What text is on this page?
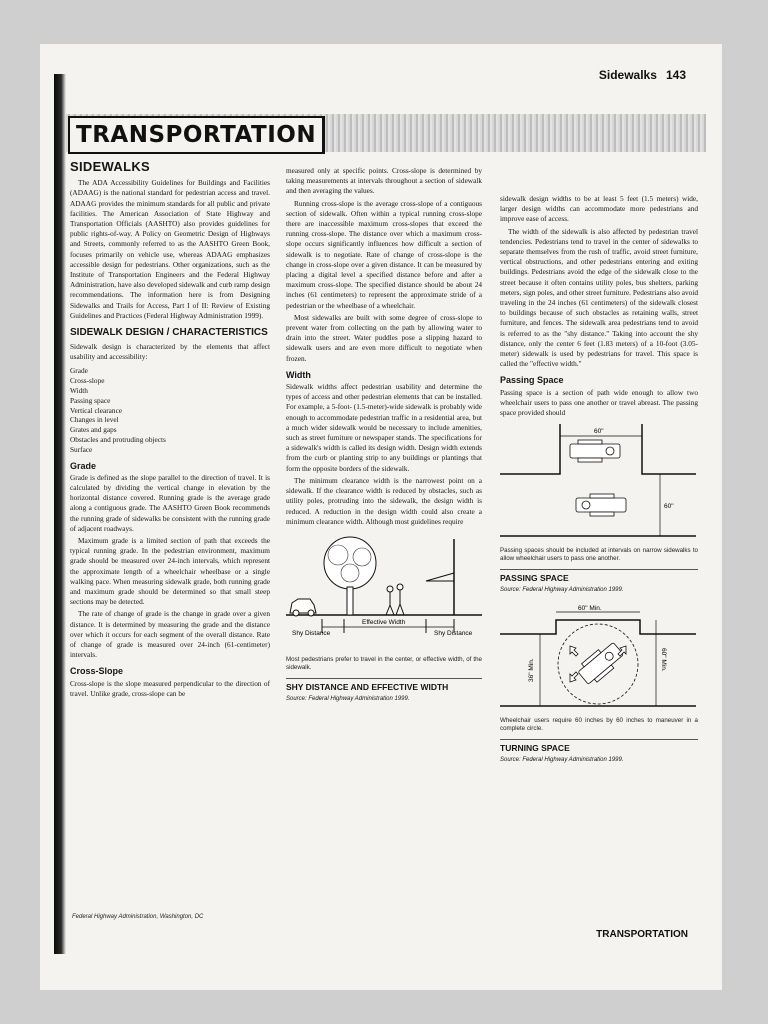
Sidewalks 143
TRANSPORTATION
SIDEWALKS

The ADA Accessibility Guidelines for Buildings and Facilities (ADAAG) is the national standard for pedestrian access and travel. ADAAG provides the minimum standards for all public and private facilities. The American Association of State Highway and Transportation Officials (AASHTO) also provides guidelines for public rights-of-way. A Policy on Geometric Design of Highways and Streets, commonly referred to as the AASHTO Green Book, focuses primarily on vehicle use, whereas ADAAG emphasizes accessible design for pedestrians. Other organizations, such as the Institute of Transportation Engineers and the Federal Highway Administration, have also developed sidewalk and curb ramp design recommendations. The information here is from Designing Sidewalks and Trails for Access, Part I of II: Review of Existing Guidelines and Practices (Federal Highway Administration 1999).

SIDEWALK DESIGN / CHARACTERISTICS

Sidewalk design is characterized by the elements that affect usability and accessibility:

Grade
Cross-slope
Width
Passing space
Vertical clearance
Changes in level
Grates and gaps
Obstacles and protruding objects
Surface
Grade

Grade is defined as the slope parallel to the direction of travel. It is calculated by dividing the vertical change in elevation by the horizontal distance covered. Running grade is the average grade along a contiguous grade. The AASHTO Green Book recommends the running grade of sidewalks be consistent with the running grade of adjacent roadways.

Maximum grade is a limited section of path that exceeds the typical running grade. In the pedestrian environment, maximum grade should be measured over 24-inch intervals, which represent the approximate length of a wheelchair wheelbase or a single walking pace. When measuring sidewalk grade, both running grade and maximum grade should be determined so that small steep sections may be detected.

The rate of change of grade is the change in grade over a given distance. It is determined by measuring the grade and the distance over which it occurs for each segment of the overall distance. Rate of change of grade is measured over 24-inch (61-centimeter) intervals.

Cross-Slope

Cross-slope is the slope measured perpendicular to the direction of travel. Unlike grade, cross-slope can be

measured only at specific points. Cross-slope is determined by taking measurements at intervals throughout a section of sidewalk and then averaging the values.

Running cross-slope is the average cross-slope of a contiguous section of sidewalk. Often within a typical running cross-slope there are inaccessible maximum cross-slopes that exceed the running cross-slope. The distance over which a maximum cross-slope occurs significantly influences how difficult a section of sidewalk is to negotiate. Rate of change of cross-slope is the change in cross-slope over a given distance. It can be measured by placing a digital level a specified distance before and after a maximum cross-slope. The specified distance should be about 24 inches (61 centimeters) to represent the approximate stride of a pedestrian or the wheelbase of a wheelchair.

Most sidewalks are built with some degree of cross-slope to prevent water from collecting on the path by allowing water to drain into the street. Water puddles pose a slipping hazard to sidewalk users and are even more difficult to negotiate when frozen.

Width

Sidewalk widths affect pedestrian usability and determine the types of access and other pedestrian elements that can be installed. For example, a 5-foot- (1.5-meter)-wide sidewalk is probably wide enough to accommodate pedestrian traffic in a residential area, but a much wider sidewalk would be necessary to include amenities, such as street furniture or newspaper stands. The specifications for a sidewalk's width is called its design width. Design width extends from the curb or planting strip to any buildings or plantings that form the opposite borders of the sidewalk.

The minimum clearance width is the narrowest point on a sidewalk. If the clearance width is reduced by obstacles, such as utility poles, protruding into the sidewalk, the design width is reduced. A reduction in the design width could also create a minimum clearance width. Although most guidelines require

Shy Distance
Effective Width
Shy Distance
Most pedestrians prefer to travel in the center, or effective width, of the sidewalk.
SHY DISTANCE AND EFFECTIVE WIDTH
Source: Federal Highway Administration 1999.

sidewalk design widths to be at least 5 feet (1.5 meters) wide, larger design widths can accommodate more pedestrians and improve ease of access.

The width of the sidewalk is also affected by pedestrian travel tendencies. Pedestrians tend to travel in the center of sidewalks to separate themselves from the rush of traffic, avoid street furniture, vertical obstructions, and other pedestrians entering and exiting buildings. Pedestrians avoid the edge of the sidewalk close to the street because it often contains utility poles, bus shelters, parking meters, sign poles, and other street furniture. Pedestrians also avoid traveling in the 24 inches (61 centimeters) of the sidewalk closest to buildings because of such obstacles as retaining walls, street furniture, and fences. The sidewalk area pedestrians tend to avoid is referred to as the "shy distance." Taking into account the shy distance, only the center 6 feet (1.83 meters) of a 10-foot (3.05-meter) sidewalk is used by pedestrians for travel. This space is called the "effective width."

Passing Space

Passing space is a section of path wide enough to allow two wheelchair users to pass one another or travel abreast. The passing space provided should

60"
60"
Passing spaces should be included at intervals on narrow sidewalks to allow wheelchair users to pass one another.
PASSING SPACE
Source: Federal Highway Administration 1999.
60" Min.
36" Min.	60" Min.
Wheelchair users require 60 inches by 60 inches to maneuver in a complete circle.
TURNING SPACE
Source: Federal Highway Administration 1999.
Federal Highway Administration, Washington, DC
TRANSPORTATION
